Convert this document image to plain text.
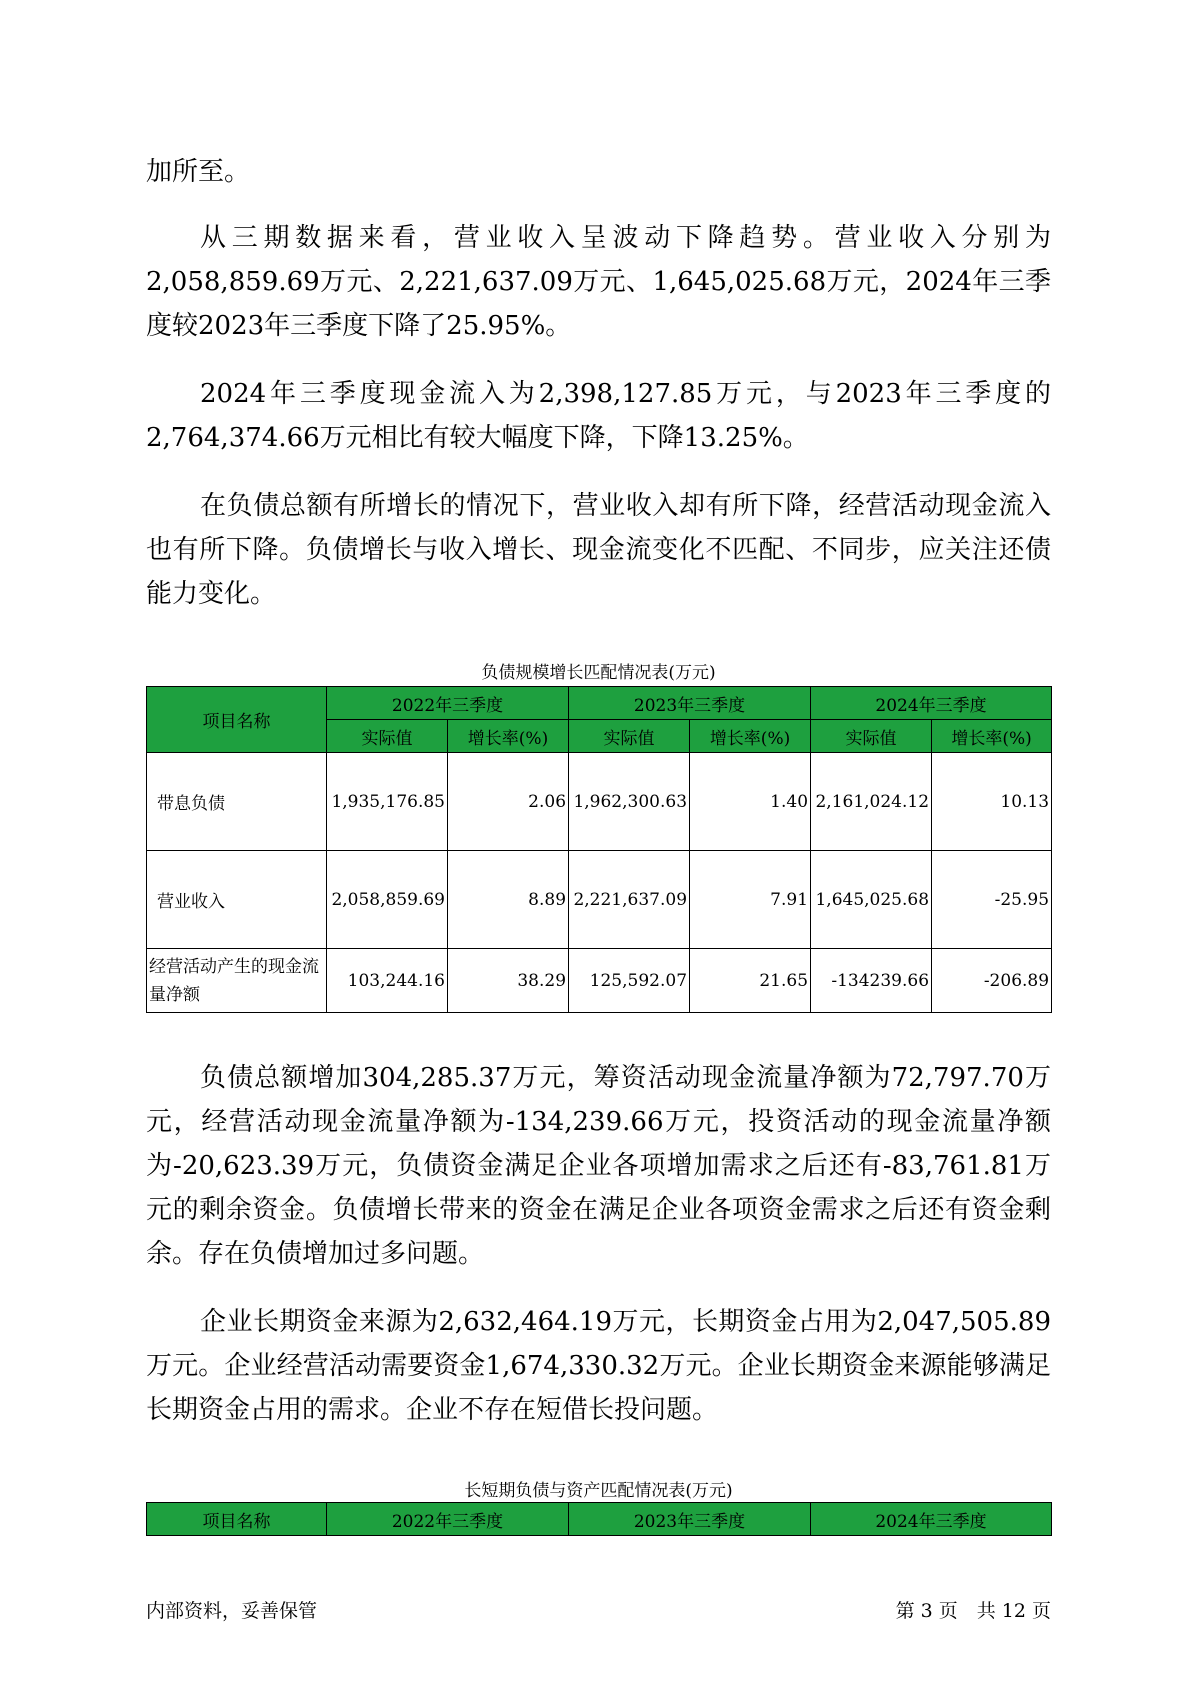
加所至。

从三期数据来看，营业收入呈波动下降趋势。营业收入分别为2,058,859.69万元、2,221,637.09万元、1,645,025.68万元，2024年三季度较2023年三季度下降了25.95%。

2024年三季度现金流入为2,398,127.85万元，与2023年三季度的2,764,374.66万元相比有较大幅度下降，下降13.25%。

在负债总额有所增长的情况下，营业收入却有所下降，经营活动现金流入也有所下降。负债增长与收入增长、现金流变化不匹配、不同步，应关注还债能力变化。

负债规模增长匹配情况表(万元)
项目名称	2022年三季度		2023年三季度		2024年三季度	
	实际值	增长率(%)	实际值	增长率(%)	实际值	增长率(%)
带息负债	1,935,176.85	2.06	1,962,300.63	1.40	2,161,024.12	10.13
营业收入	2,058,859.69	8.89	2,221,637.09	7.91	1,645,025.68	-25.95
经营活动产生的现金流量净额	103,244.16	38.29	125,592.07	21.65	-134239.66	-206.89

负债总额增加304,285.37万元，筹资活动现金流量净额为72,797.70万元，经营活动现金流量净额为-134,239.66万元，投资活动的现金流量净额为-20,623.39万元，负债资金满足企业各项增加需求之后还有-83,761.81万元的剩余资金。负债增长带来的资金在满足企业各项资金需求之后还有资金剩余。存在负债增加过多问题。

企业长期资金来源为2,632,464.19万元，长期资金占用为2,047,505.89万元。企业经营活动需要资金1,674,330.32万元。企业长期资金来源能够满足长期资金占用的需求。企业不存在短借长投问题。

长短期负债与资产匹配情况表(万元)
项目名称	2022年三季度	2023年三季度	2024年三季度
内部资料，妥善保管	第 3 页　共 12 页
